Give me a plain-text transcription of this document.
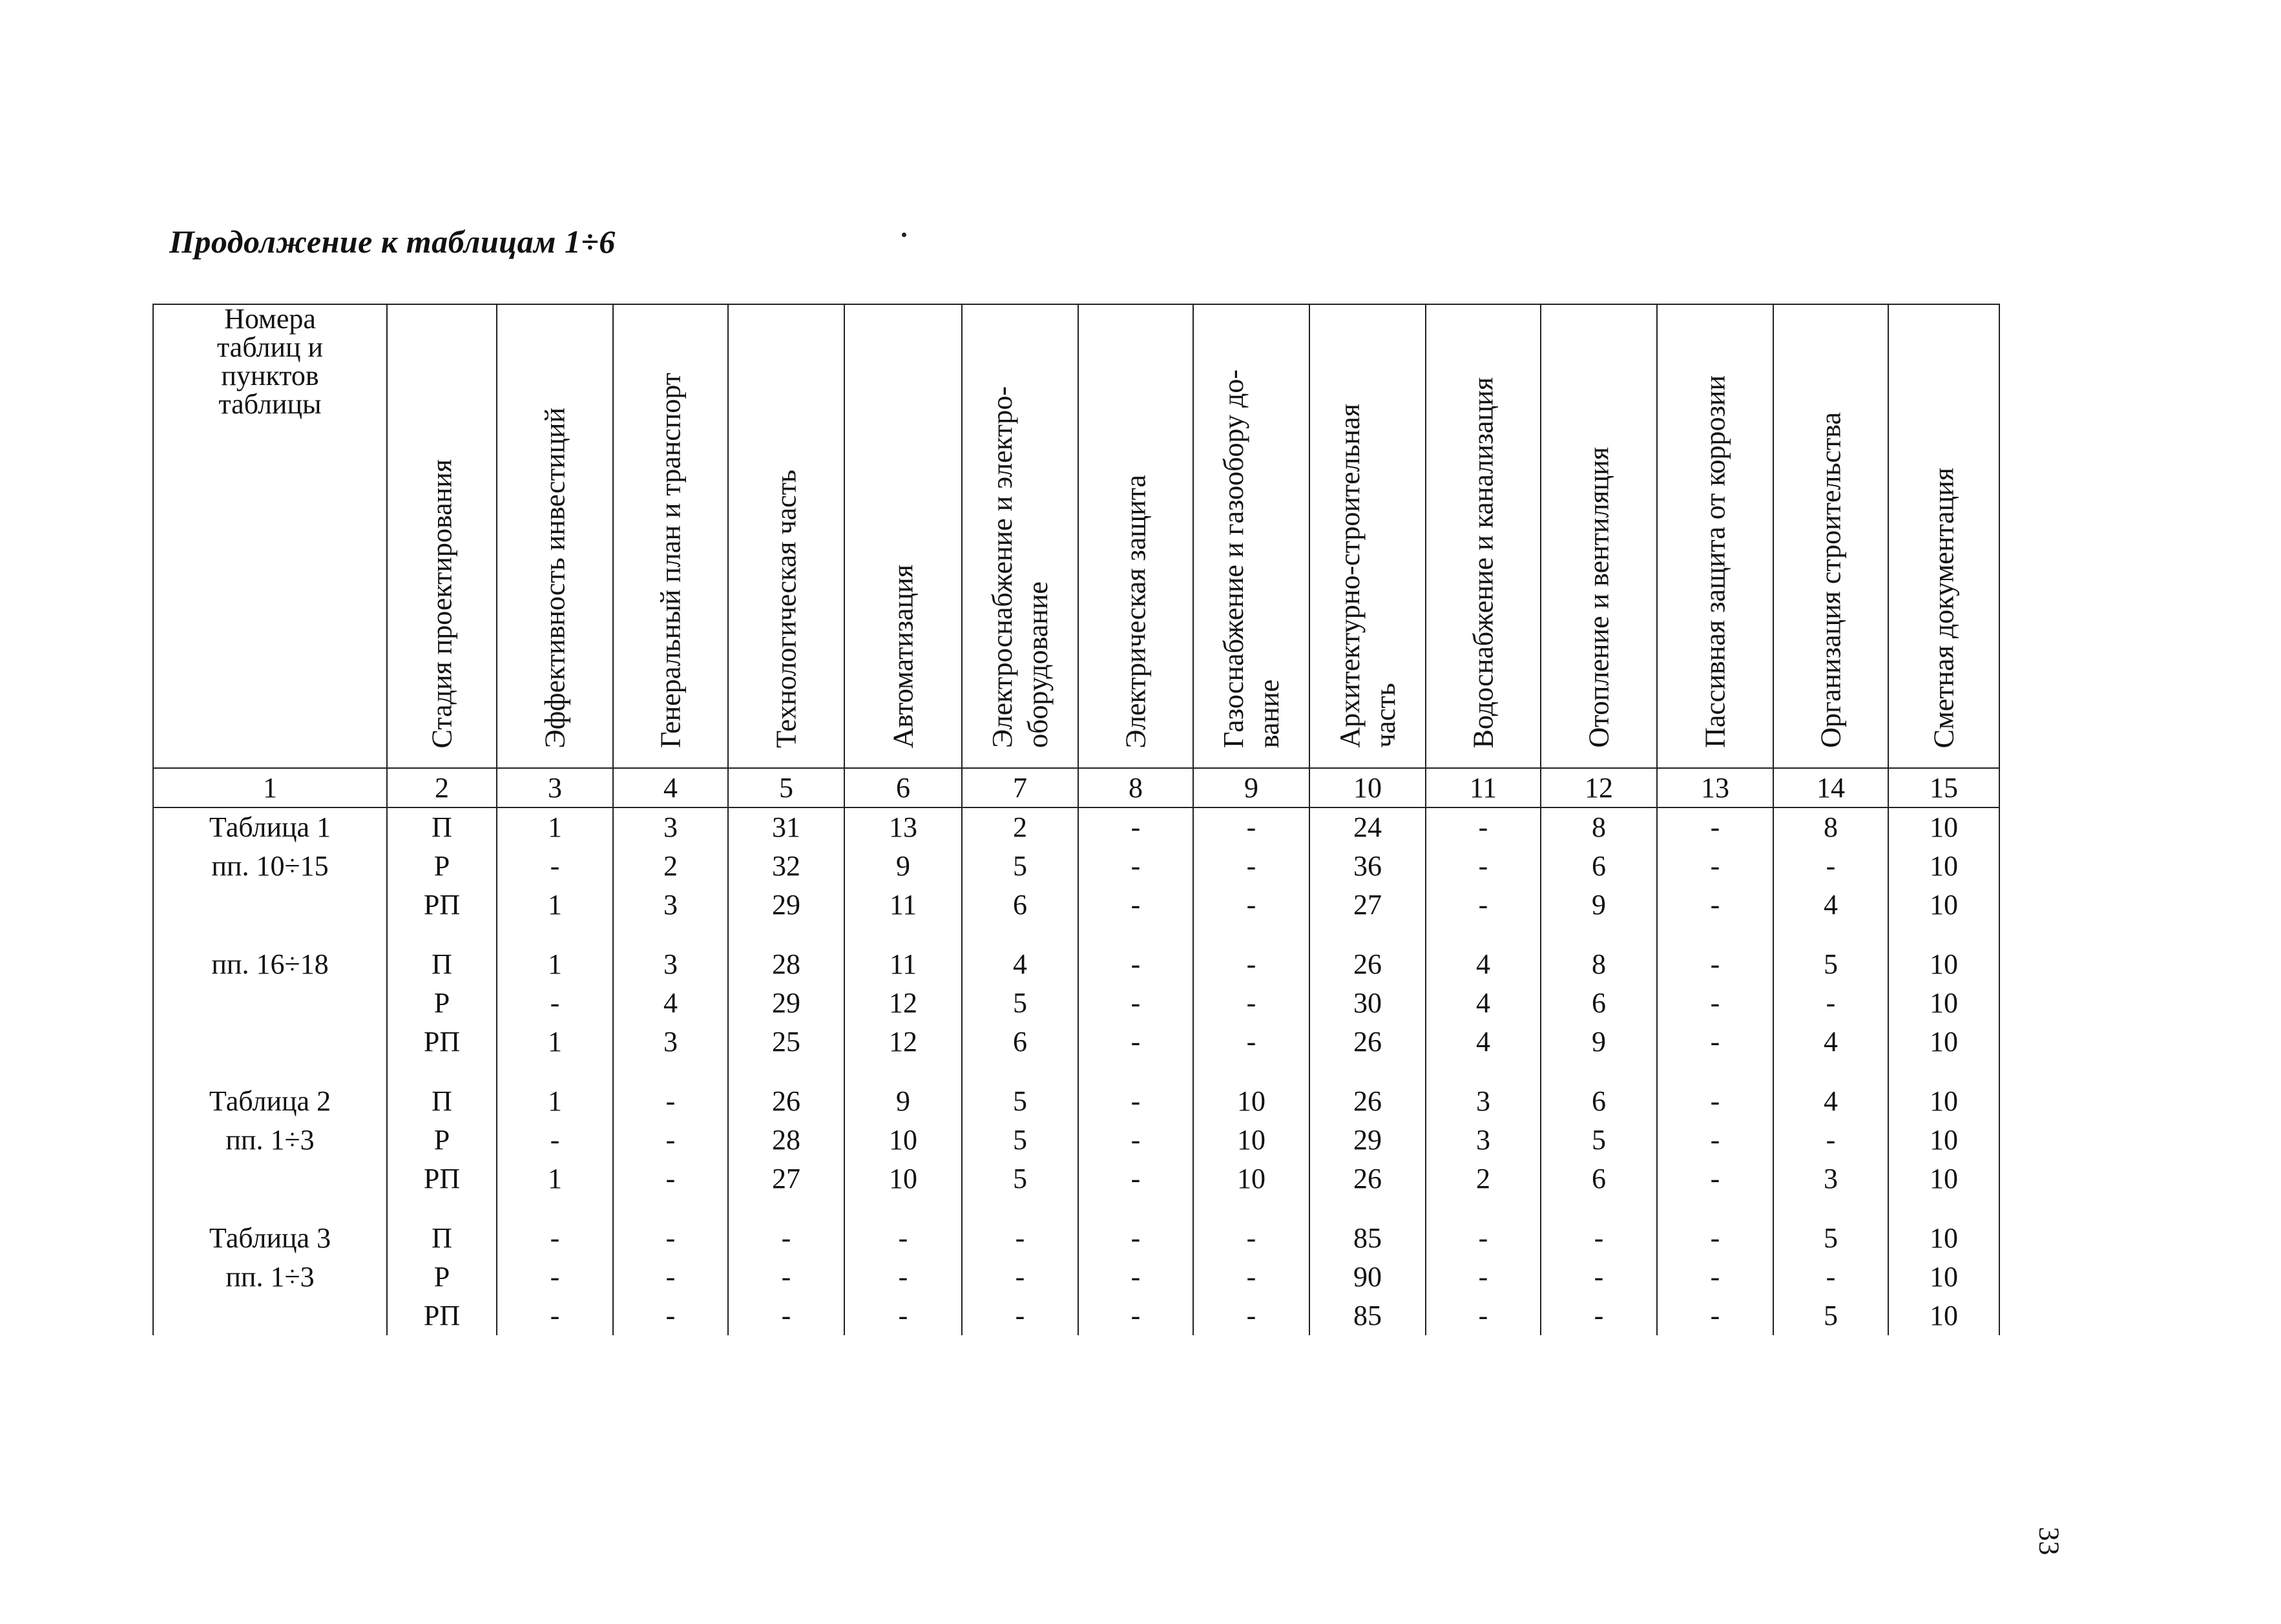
Продолжение к таблицам 1÷6
Номера
таблиц и
пунктов
таблицы	Стадия проектирования	Эффективность инвестиций	Генеральный план и транспорт	Технологическая часть	Автоматизация	Электроснабжение и электро-
оборудование	Электрическая защита	Газоснабжение и газообору до-
вание	Архитектурно-строительная
часть	Водоснабжение и канализация	Отопление и вентиляция	Пассивная защита от коррозии	Организация строительства	Сметная документация

1	2	3	4	5	6	7	8	9	10	11	12	13	14	15
Таблица 1	П	1	3	31	13	2	-	-	24	-	8	-	8	10
пп. 10÷15	Р	-	2	32	9	5	-	-	36	-	6	-	-	10
	РП	1	3	29	11	6	-	-	27	-	9	-	4	10

пп. 16÷18	П	1	3	28	11	4	-	-	26	4	8	-	5	10
	Р	-	4	29	12	5	-	-	30	4	6	-	-	10
	РП	1	3	25	12	6	-	-	26	4	9	-	4	10

Таблица 2	П	1	-	26	9	5	-	10	26	3	6	-	4	10
пп. 1÷3	Р	-	-	28	10	5	-	10	29	3	5	-	-	10
	РП	1	-	27	10	5	-	10	26	2	6	-	3	10

Таблица 3	П	-	-	-	-	-	-	-	85	-	-	-	5	10
пп. 1÷3	Р	-	-	-	-	-	-	-	90	-	-	-	-	10
	РП	-	-	-	-	-	-	-	85	-	-	-	5	10
33
